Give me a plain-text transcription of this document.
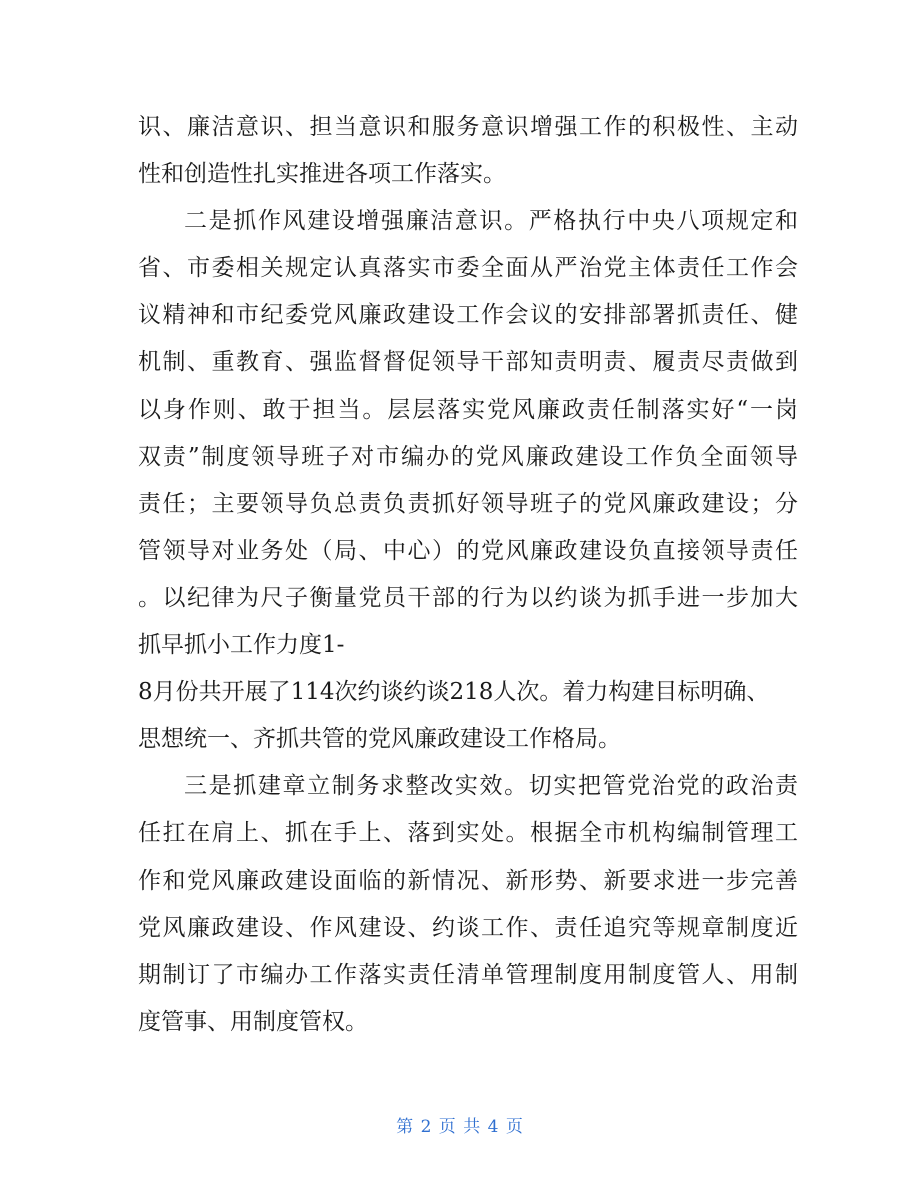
识、廉洁意识、担当意识和服务意识增强工作的积极性、主动
性和创造性扎实推进各项工作落实。
二是抓作风建设增强廉洁意识。严格执行中央八项规定和
省、市委相关规定认真落实市委全面从严治党主体责任工作会
议精神和市纪委党风廉政建设工作会议的安排部署抓责任、健
机制、重教育、强监督督促领导干部知责明责、履责尽责做到
以身作则、敢于担当。层层落实党风廉政责任制落实好“一岗
双责”制度领导班子对市编办的党风廉政建设工作负全面领导
责任；主要领导负总责负责抓好领导班子的党风廉政建设；分
管领导对业务处（局、中心）的党风廉政建设负直接领导责任
。以纪律为尺子衡量党员干部的行为以约谈为抓手进一步加大
抓早抓小工作力度1-
8月份共开展了114次约谈约谈218人次。着力构建目标明确、
思想统一、齐抓共管的党风廉政建设工作格局。
三是抓建章立制务求整改实效。切实把管党治党的政治责
任扛在肩上、抓在手上、落到实处。根据全市机构编制管理工
作和党风廉政建设面临的新情况、新形势、新要求进一步完善
党风廉政建设、作风建设、约谈工作、责任追究等规章制度近
期制订了市编办工作落实责任清单管理制度用制度管人、用制
度管事、用制度管权。
第 2 页 共 4 页
